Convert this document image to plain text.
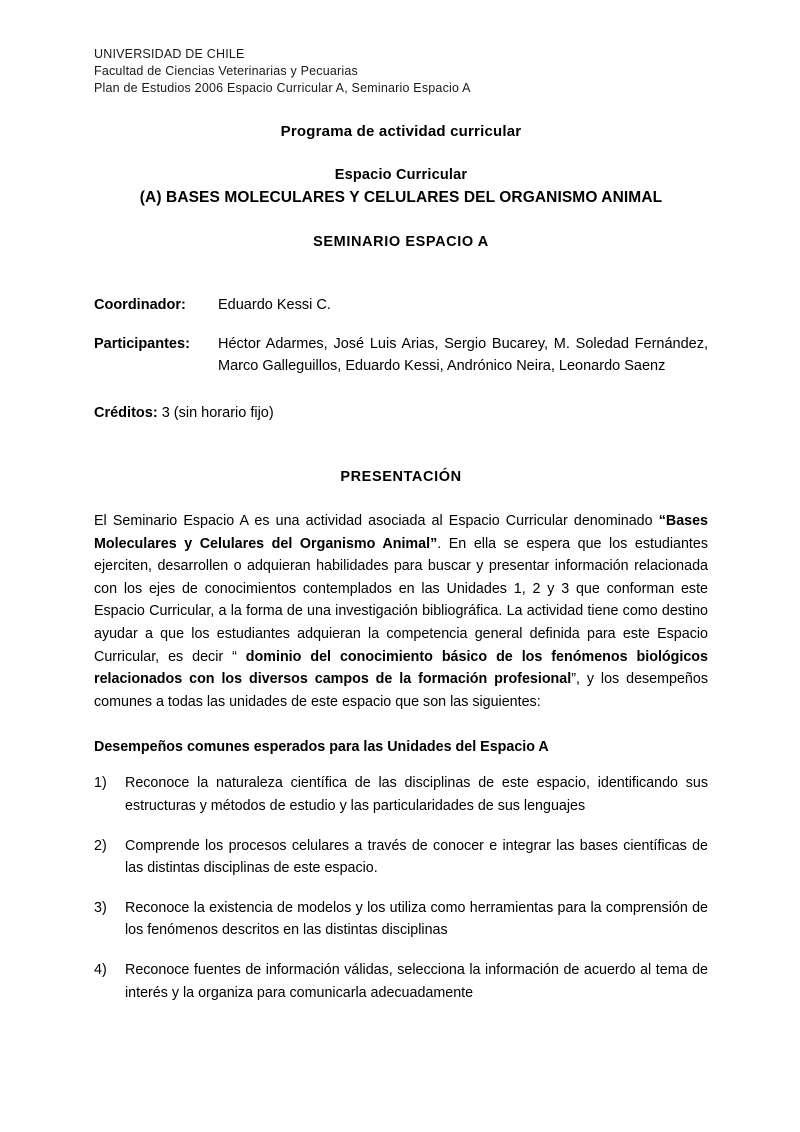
UNIVERSIDAD DE CHILE
Facultad de Ciencias Veterinarias y Pecuarias
Plan de Estudios 2006 Espacio Curricular A, Seminario Espacio A
Programa de actividad curricular
Espacio Curricular
(A) BASES MOLECULARES Y CELULARES DEL ORGANISMO ANIMAL
SEMINARIO ESPACIO A
Coordinador:	Eduardo Kessi C.
Participantes:	Héctor Adarmes, José Luis Arias, Sergio Bucarey, M. Soledad Fernández, Marco Galleguillos, Eduardo Kessi, Andrónico Neira, Leonardo Saenz
Créditos: 3 (sin horario fijo)
PRESENTACIÓN
El Seminario Espacio A es una actividad asociada al Espacio Curricular denominado “Bases Moleculares y Celulares del Organismo Animal”. En ella se espera que los estudiantes ejerciten, desarrollen o adquieran habilidades para buscar y presentar información relacionada con los ejes de conocimientos contemplados en las Unidades 1, 2 y 3 que conforman este Espacio Curricular, a la forma de una investigación bibliográfica. La actividad tiene como destino ayudar a que los estudiantes adquieran la competencia general definida para este Espacio Curricular, es decir “ dominio del conocimiento básico de los fenómenos biológicos relacionados con los diversos campos de la formación profesional”, y los desempeños comunes a todas las unidades de este espacio que son las siguientes:
Desempeños comunes esperados para las Unidades del Espacio A
1)	Reconoce la naturaleza científica de las disciplinas de este espacio, identificando sus estructuras y métodos de estudio y las particularidades de sus lenguajes
2)	Comprende los procesos celulares a través de conocer e integrar las bases científicas de las distintas disciplinas de este espacio.
3)	Reconoce la existencia de modelos y los utiliza como herramientas para la comprensión de los fenómenos descritos en las distintas disciplinas
4)	Reconoce fuentes de información válidas, selecciona la información de acuerdo al tema de interés y la organiza para comunicarla adecuadamente
